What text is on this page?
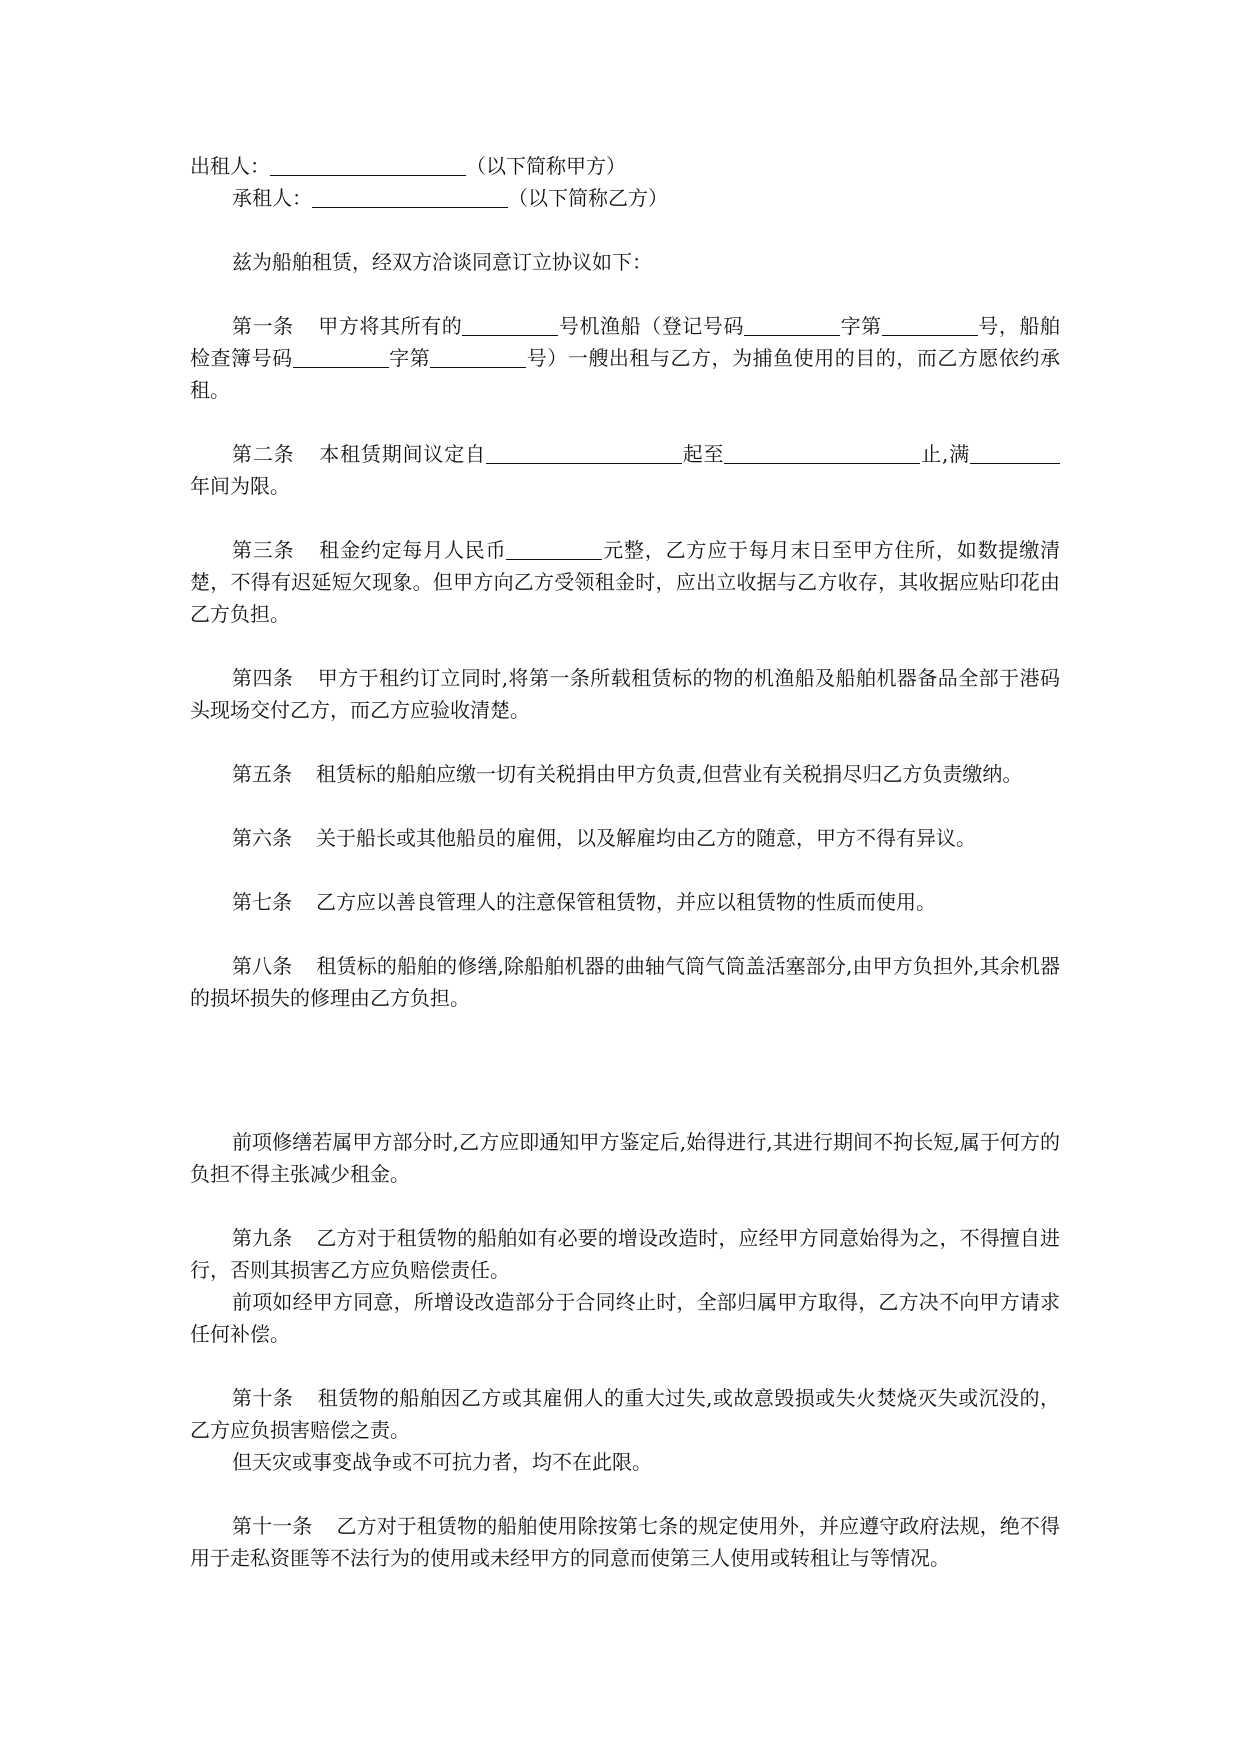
出租人：	（以下简称甲方）

承租人：	（以下简称乙方）

兹为船舶租赁，经双方洽谈同意订立协议如下：

第一条 甲方将其所有的	号机渔船（登记号码	字第	号，船舶检查簿号码	字第	号）一艘出租与乙方，为捕鱼使用的目的，而乙方愿依约承租。

第二条 本租赁期间议定自	起至	止,满年间为限。

第三条 租金约定每月人民币	元整，乙方应于每月末日至甲方住所，如数提缴清楚，不得有迟延短欠现象。但甲方向乙方受领租金时，应出立收据与乙方收存，其收据应贴印花由乙方负担。

第四条 甲方于租约订立同时,将第一条所载租赁标的物的机渔船及船舶机器备品全部于港码头现场交付乙方，而乙方应验收清楚。

第五条 租赁标的船舶应缴一切有关税捐由甲方负责,但营业有关税捐尽归乙方负责缴纳。

第六条 关于船长或其他船员的雇佣，以及解雇均由乙方的随意，甲方不得有异议。

第七条 乙方应以善良管理人的注意保管租赁物，并应以租赁物的性质而使用。

第八条 租赁标的船舶的修缮,除船舶机器的曲轴气筒气筒盖活塞部分,由甲方负担外,其余机器的损坏损失的修理由乙方负担。

前项修缮若属甲方部分时,乙方应即通知甲方鉴定后,始得进行,其进行期间不拘长短,属于何方的负担不得主张减少租金。

第九条 乙方对于租赁物的船舶如有必要的增设改造时，应经甲方同意始得为之，不得擅自进行，否则其损害乙方应负赔偿责任。

前项如经甲方同意，所增设改造部分于合同终止时，全部归属甲方取得，乙方决不向甲方请求任何补偿。

第十条 租赁物的船舶因乙方或其雇佣人的重大过失,或故意毁损或失火焚烧灭失或沉没的，乙方应负损害赔偿之责。

但天灾或事变战争或不可抗力者，均不在此限。

第十一条 乙方对于租赁物的船舶使用除按第七条的规定使用外，并应遵守政府法规，绝不得用于走私资匪等不法行为的使用或未经甲方的同意而使第三人使用或转租让与等情况。
